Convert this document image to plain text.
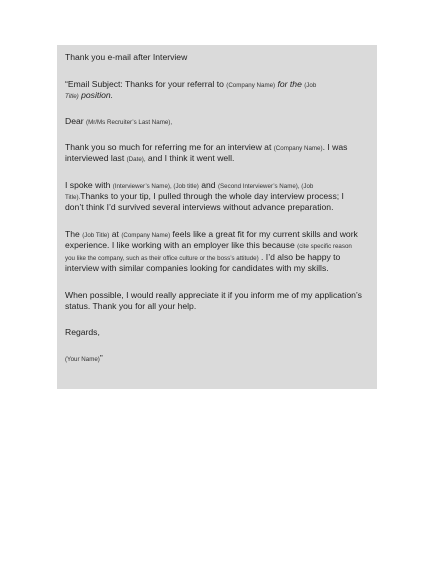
Thank you e-mail after Interview
“Email Subject: Thanks for your referral to (Company Name) for the (Job
Title) position.
Dear (Mr/Ms Recruiter’s Last Name),
Thank you so much for referring me for an interview at (Company Name). I was
interviewed last (Date), and I think it went well.
I spoke with (Interviewer’s Name), (Job title) and (Second Interviewer’s Name), (Job
Title).Thanks to your tip, I pulled through the whole day interview process; I
don’t think I’d survived several interviews without advance preparation.
The (Job Title) at (Company Name) feels like a great fit for my current skills and work
experience. I like working with an employer like this because (cite specific reason
you like the company, such as their office culture or the boss’s attitude) . I’d also be happy to
interview with similar companies looking for candidates with my skills.
When possible, I would really appreciate it if you inform me of my application’s
status. Thank you for all your help.
Regards,
(Your Name)”
